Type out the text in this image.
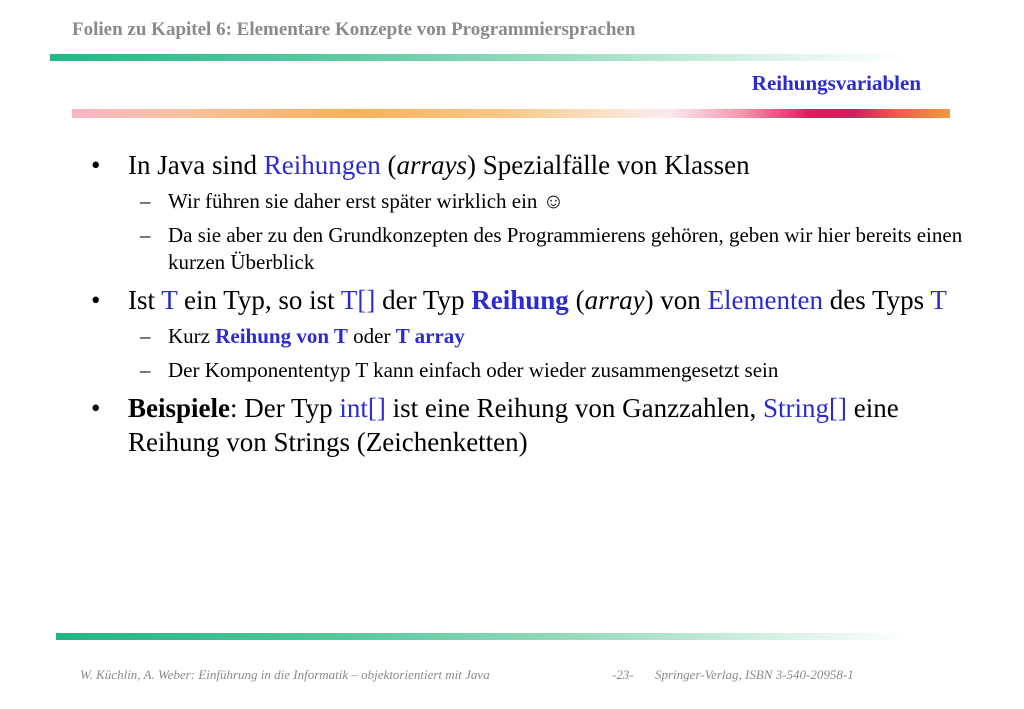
Folien zu Kapitel 6: Elementare Konzepte von Programmiersprachen
Reihungsvariablen
• In Java sind Reihungen (arrays) Spezialfälle von Klassen
– Wir führen sie daher erst später wirklich ein ☺
– Da sie aber zu den Grundkonzepten des Programmierens gehören, geben wir hier bereits einen kurzen Überblick
• Ist T ein Typ, so ist T[] der Typ Reihung (array) von Elementen des Typs T
– Kurz Reihung von T oder T array
– Der Komponententyp T kann einfach oder wieder zusammengesetzt sein
• Beispiele: Der Typ int[] ist eine Reihung von Ganzzahlen, String[] eine Reihung von Strings (Zeichenketten)
W. Küchlin, A. Weber: Einführung in die Informatik – objektorientiert mit Java	-23- Springer-Verlag, ISBN 3-540-20958-1
